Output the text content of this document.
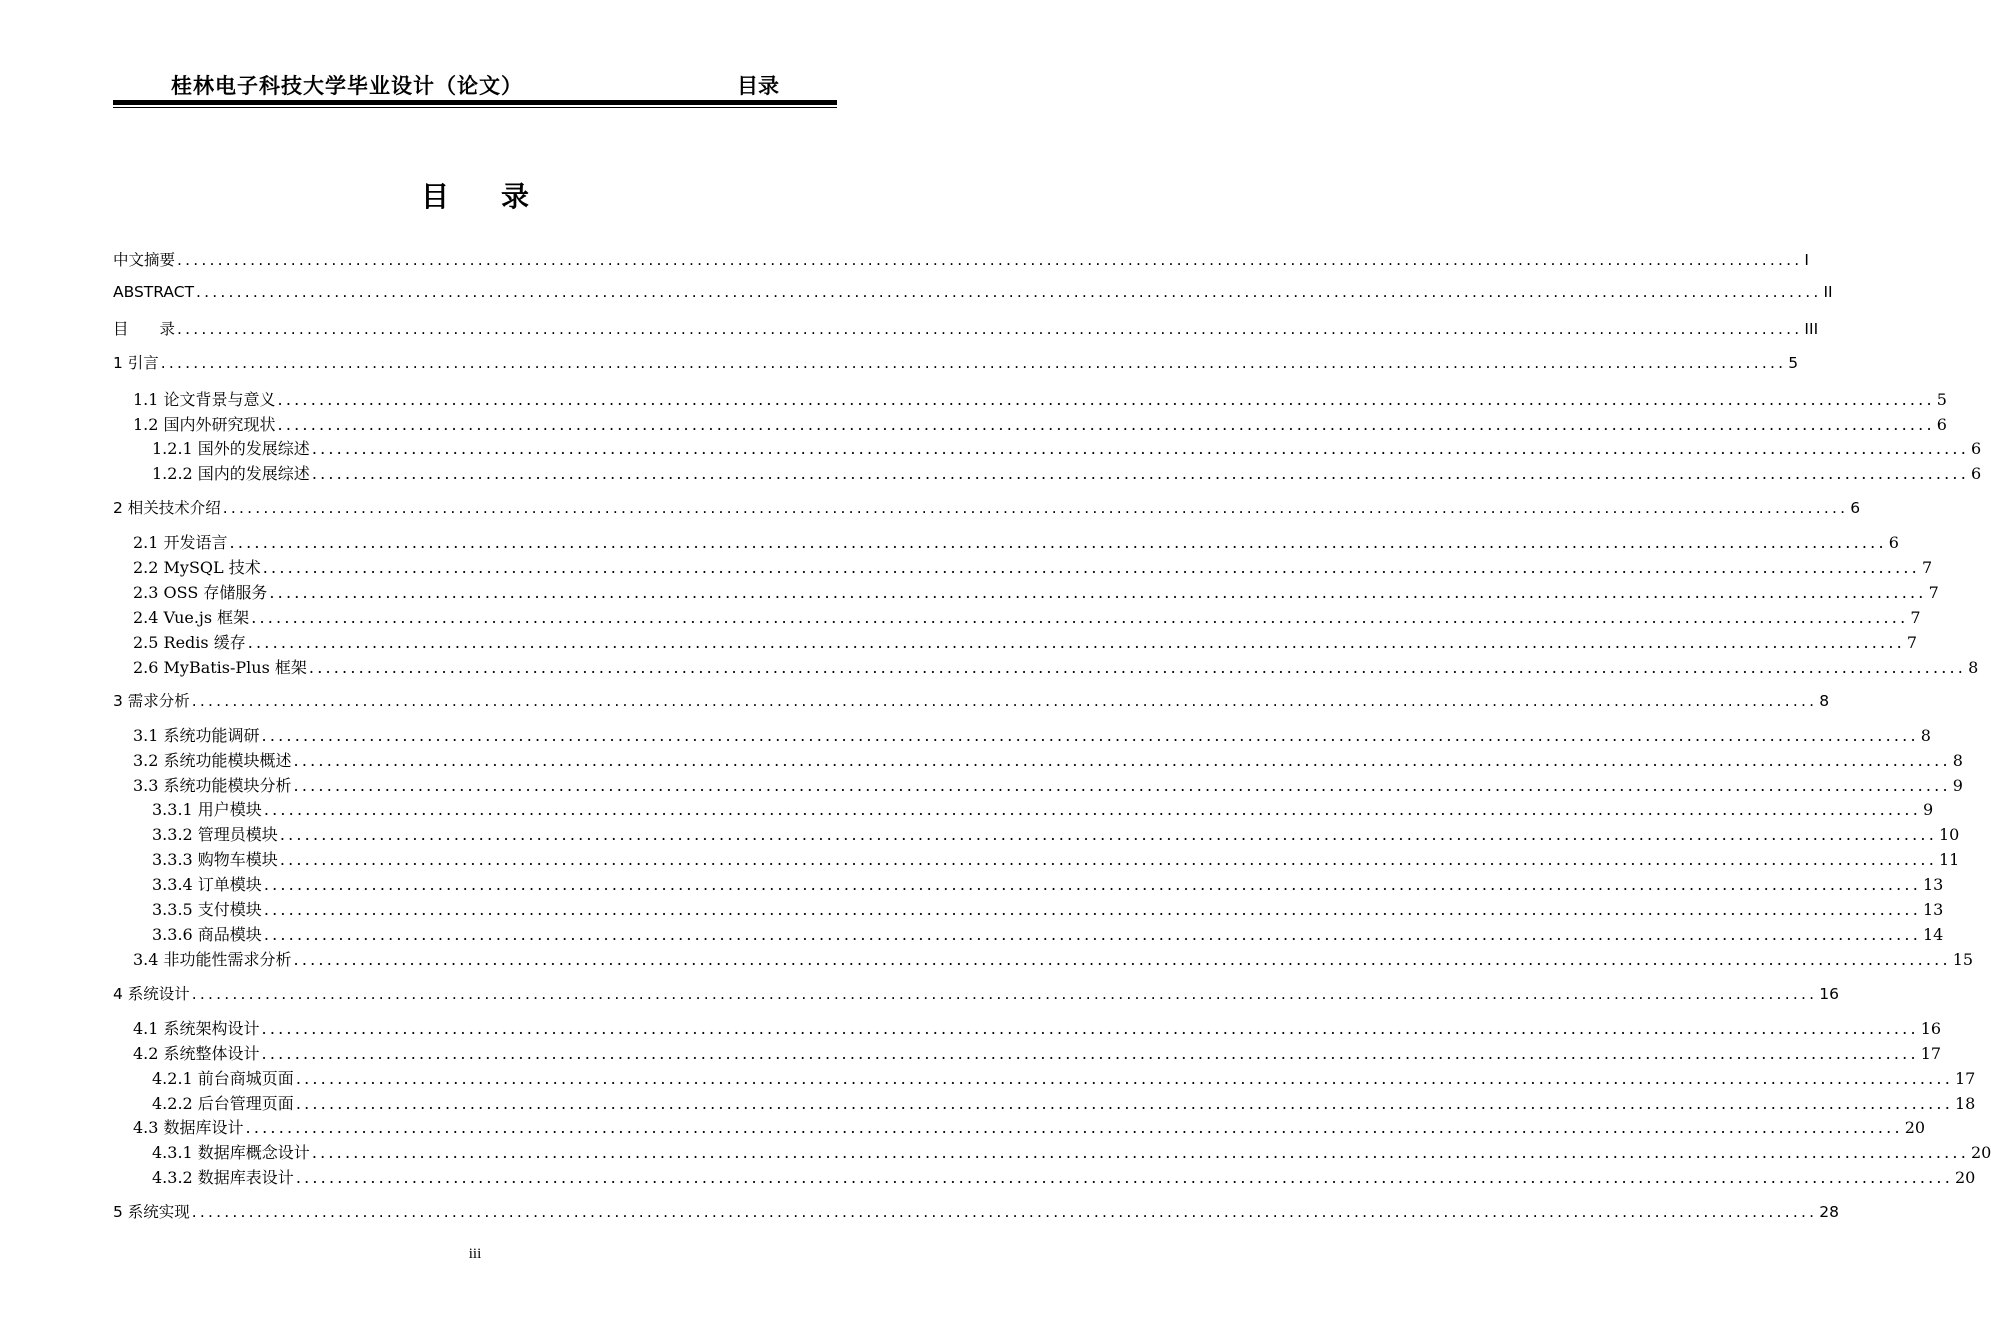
桂林电子科技大学毕业设计（论文）	目录
目录
中文摘要 ........................................................................................................................................................................................................ I
ABSTRACT ........................................................................................................................................................................................................ II
目　　录 ........................................................................................................................................................................................................ III
1 引言 ........................................................................................................................................................................................................ 5
1.1 论文背景与意义 ........................................................................................................................................................................................................ 5
1.2 国内外研究现状 ........................................................................................................................................................................................................ 6
1.2.1 国外的发展综述 ........................................................................................................................................................................................................ 6
1.2.2 国内的发展综述 ........................................................................................................................................................................................................ 6
2 相关技术介绍 ........................................................................................................................................................................................................ 6
2.1 开发语言 ........................................................................................................................................................................................................ 6
2.2 MySQL 技术 ........................................................................................................................................................................................................ 7
2.3 OSS 存储服务 ........................................................................................................................................................................................................ 7
2.4 Vue.js 框架 ........................................................................................................................................................................................................ 7
2.5 Redis 缓存 ........................................................................................................................................................................................................ 7
2.6 MyBatis-Plus 框架 ........................................................................................................................................................................................................ 8
3 需求分析 ........................................................................................................................................................................................................ 8
3.1 系统功能调研 ........................................................................................................................................................................................................ 8
3.2 系统功能模块概述 ........................................................................................................................................................................................................ 8
3.3 系统功能模块分析 ........................................................................................................................................................................................................ 9
3.3.1 用户模块 ........................................................................................................................................................................................................ 9
3.3.2 管理员模块 ........................................................................................................................................................................................................ 10
3.3.3 购物车模块 ........................................................................................................................................................................................................ 11
3.3.4 订单模块 ........................................................................................................................................................................................................ 13
3.3.5 支付模块 ........................................................................................................................................................................................................ 13
3.3.6 商品模块 ........................................................................................................................................................................................................ 14
3.4 非功能性需求分析 ........................................................................................................................................................................................................ 15
4 系统设计 ........................................................................................................................................................................................................ 16
4.1 系统架构设计 ........................................................................................................................................................................................................ 16
4.2 系统整体设计 ........................................................................................................................................................................................................ 17
4.2.1 前台商城页面 ........................................................................................................................................................................................................ 17
4.2.2 后台管理页面 ........................................................................................................................................................................................................ 18
4.3 数据库设计 ........................................................................................................................................................................................................ 20
4.3.1 数据库概念设计 ........................................................................................................................................................................................................ 20
4.3.2 数据库表设计 ........................................................................................................................................................................................................ 20
5 系统实现 ........................................................................................................................................................................................................ 28
iii
